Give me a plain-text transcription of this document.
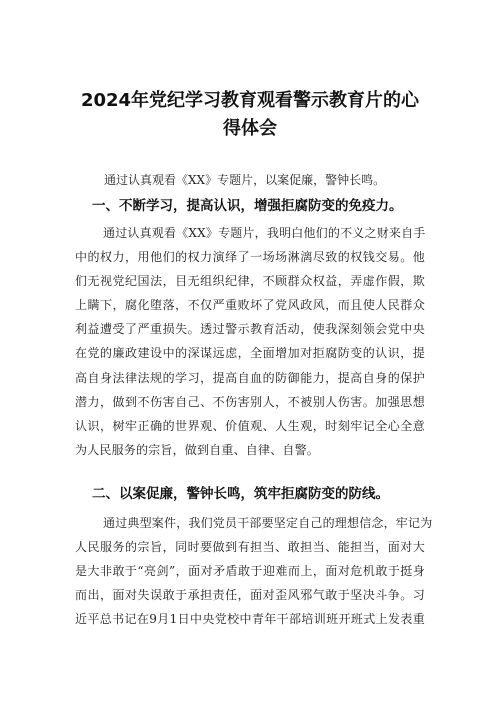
2024年党纪学习教育观看警示教育片的心
得体会

通过认真观看《XX》专题片，以案促廉，警钟长鸣。

一、不断学习，提高认识，增强拒腐防变的免疫力。
通过认真观看《XX》专题片，我明白他们的不义之财来自手
中的权力，用他们的权力演绎了一场场淋漓尽致的权钱交易。他
们无视党纪国法，目无组织纪律，不顾群众权益，弄虚作假，欺
上瞒下，腐化堕落，不仅严重败坏了党风政风，而且使人民群众
利益遭受了严重损失。透过警示教育活动，使我深刻领会党中央
在党的廉政建设中的深谋远虑，全面增加对拒腐防变的认识，提
高自身法律法规的学习，提高自血的防御能力，提高自身的保护
潜力，做到不伤害自己、不伤害别人，不被别人伤害。加强思想
认识，树牢正确的世界观、价值观、人生观，时刻牢记全心全意
为人民服务的宗旨，做到自重、自律、自警。
二、以案促廉，警钟长鸣，筑牢拒腐防变的防线。
通过典型案件，我们党员干部要坚定自己的理想信念，牢记为
人民服务的宗旨，同时要做到有担当、敢担当、能担当，面对大
是大非敢于“亮剑”，面对矛盾敢于迎难而上，面对危机敢于挺身
而出，面对失误敢于承担责任，面对歪风邪气敢于坚决斗争。习
近平总书记在9月1日中央党校中青年干部培训班开班式上发表重
